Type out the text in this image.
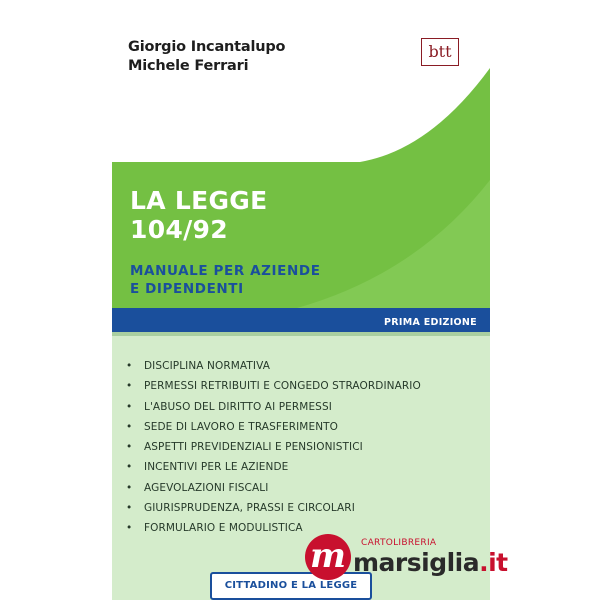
Giorgio Incantalupo
Michele Ferrari
btt
LA LEGGE
104/92
MANUALE PER AZIENDE
E DIPENDENTI
PRIMA EDIZIONE
• DISCIPLINA NORMATIVA
• PERMESSI RETRIBUITI E CONGEDO STRAORDINARIO
• L'ABUSO DEL DIRITTO AI PERMESSI
• SEDE DI LAVORO E TRASFERIMENTO
• ASPETTI PREVIDENZIALI E PENSIONISTICI
• INCENTIVI PER LE AZIENDE
• AGEVOLAZIONI FISCALI
• GIURISPRUDENZA, PRASSI E CIRCOLARI
• FORMULARIO E MODULISTICA
CITTADINO E LA LEGGE
m	CARTOLIBRERIA
marsiglia.it
